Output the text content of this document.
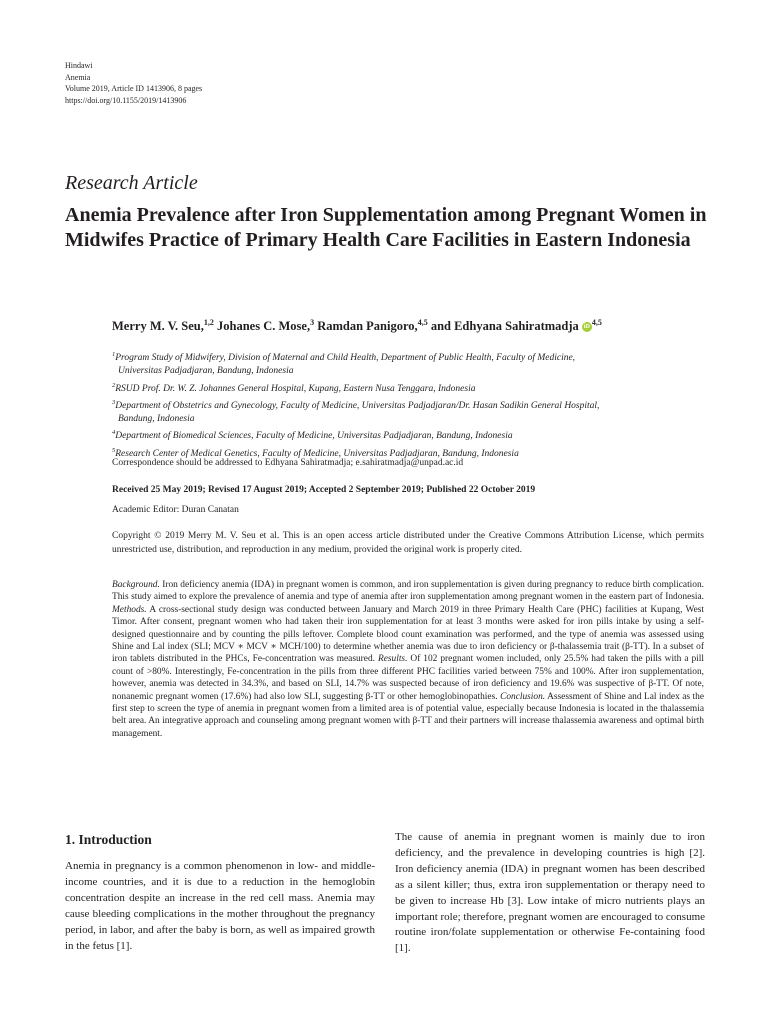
Hindawi
Anemia
Volume 2019, Article ID 1413906, 8 pages
https://doi.org/10.1155/2019/1413906
Research Article
Anemia Prevalence after Iron Supplementation among Pregnant Women in Midwifes Practice of Primary Health Care Facilities in Eastern Indonesia
Merry M. V. Seu,$^{1,2}$ Johanes C. Mose,$^3$ Ramdan Panigoro,$^{4,5}$ and Edhyana Sahiratmadja iD$^{4,5}$
$^1$Program Study of Midwifery, Division of Maternal and Child Health, Department of Public Health, Faculty of Medicine,
Universitas Padjadjaran, Bandung, Indonesia
$^2$RSUD Prof. Dr. W. Z. Johannes General Hospital, Kupang, Eastern Nusa Tenggara, Indonesia
$^3$Department of Obstetrics and Gynecology, Faculty of Medicine, Universitas Padjadjaran/Dr. Hasan Sadikin General Hospital,
Bandung, Indonesia
$^4$Department of Biomedical Sciences, Faculty of Medicine, Universitas Padjadjaran, Bandung, Indonesia
$^5$Research Center of Medical Genetics, Faculty of Medicine, Universitas Padjadjaran, Bandung, Indonesia
Correspondence should be addressed to Edhyana Sahiratmadja; e.sahiratmadja@unpad.ac.id
Received 25 May 2019; Revised 17 August 2019; Accepted 2 September 2019; Published 22 October 2019
Academic Editor: Duran Canatan
Copyright © 2019 Merry M. V. Seu et al. This is an open access article distributed under the Creative Commons Attribution License, which permits unrestricted use, distribution, and reproduction in any medium, provided the original work is properly cited.
Background. Iron deficiency anemia (IDA) in pregnant women is common, and iron supplementation is given during pregnancy to reduce birth complication. This study aimed to explore the prevalence of anemia and type of anemia after iron supplementation among pregnant women in the eastern part of Indonesia. Methods. A cross-sectional study design was conducted between January and March 2019 in three Primary Health Care (PHC) facilities at Kupang, West Timor. After consent, pregnant women who had taken their iron supplementation for at least 3 months were asked for iron pills intake by using a self-designed questionnaire and by counting the pills leftover. Complete blood count examination was performed, and the type of anemia was assessed using Shine and Lal index (SLI; MCV ∗ MCV ∗ MCH/100) to determine whether anemia was due to iron deficiency or β-thalassemia trait (β-TT). In a subset of iron tablets distributed in the PHCs, Fe-concentration was measured. Results. Of 102 pregnant women included, only 25.5% had taken the pills with a pill count of >80%. Interestingly, Fe-concentration in the pills from three different PHC facilities varied between 75% and 100%. After iron supplementation, however, anemia was detected in 34.3%, and based on SLI, 14.7% was suspected because of iron deficiency and 19.6% was suspective of β-TT. Of note, nonanemic pregnant women (17.6%) had also low SLI, suggesting β-TT or other hemoglobinopathies. Conclusion. Assessment of Shine and Lal index as the first step to screen the type of anemia in pregnant women from a limited area is of potential value, especially because Indonesia is located in the thalassemia belt area. An integrative approach and counseling among pregnant women with β-TT and their partners will increase thalassemia awareness and optimal birth management.
1. Introduction
Anemia in pregnancy is a common phenomenon in low- and middle-income countries, and it is due to a reduction in the hemoglobin concentration despite an increase in the red cell mass. Anemia may cause bleeding complications in the mother throughout the pregnancy period, in labor, and after the baby is born, as well as impaired growth in the fetus [1].
The cause of anemia in pregnant women is mainly due to iron deficiency, and the prevalence in developing countries is high [2]. Iron deficiency anemia (IDA) in pregnant women has been described as a silent killer; thus, extra iron supplementation or therapy need to be given to increase Hb [3]. Low intake of micro nutrients plays an important role; therefore, pregnant women are encouraged to consume routine iron/folate supplementation or otherwise Fe-containing food [1].
